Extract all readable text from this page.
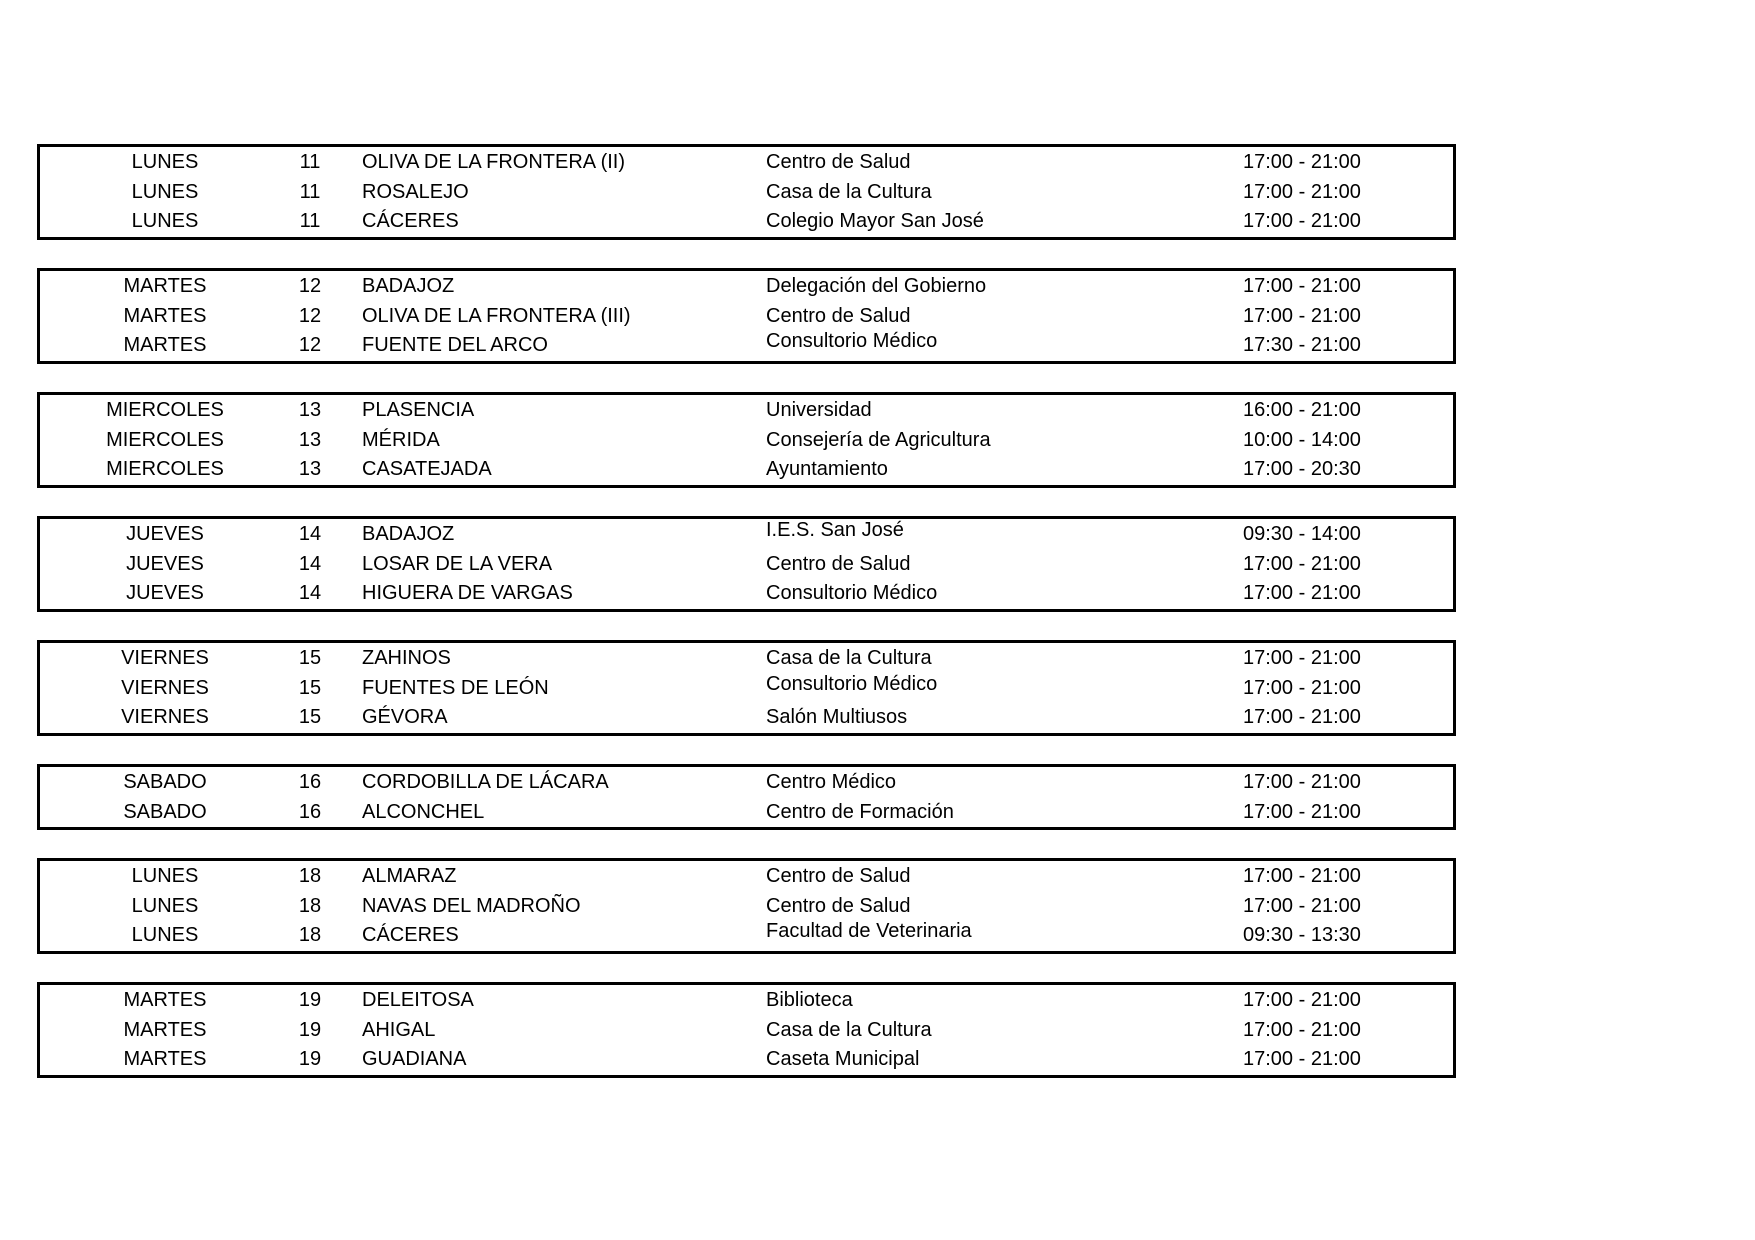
LUNES	11	OLIVA DE LA FRONTERA (II)	Centro de Salud	17:00 - 21:00
LUNES	11	ROSALEJO	Casa de la Cultura	17:00 - 21:00
LUNES	11	CÁCERES	Colegio Mayor San José	17:00 - 21:00
MARTES	12	BADAJOZ	Delegación del Gobierno	17:00 - 21:00
MARTES	12	OLIVA DE LA FRONTERA (III)	Centro de Salud	17:00 - 21:00
MARTES	12	FUENTE DEL ARCO	Consultorio Médico	17:30 - 21:00
MIERCOLES	13	PLASENCIA	Universidad	16:00 - 21:00
MIERCOLES	13	MÉRIDA	Consejería de Agricultura	10:00 - 14:00
MIERCOLES	13	CASATEJADA	Ayuntamiento	17:00 - 20:30
JUEVES	14	BADAJOZ	I.E.S. San José	09:30 - 14:00
JUEVES	14	LOSAR DE LA VERA	Centro de Salud	17:00 - 21:00
JUEVES	14	HIGUERA DE VARGAS	Consultorio Médico	17:00 - 21:00
VIERNES	15	ZAHINOS	Casa de la Cultura	17:00 - 21:00
VIERNES	15	FUENTES DE LEÓN	Consultorio Médico	17:00 - 21:00
VIERNES	15	GÉVORA	Salón Multiusos	17:00 - 21:00
SABADO	16	CORDOBILLA DE LÁCARA	Centro Médico	17:00 - 21:00
SABADO	16	ALCONCHEL	Centro de Formación	17:00 - 21:00
LUNES	18	ALMARAZ	Centro de Salud	17:00 - 21:00
LUNES	18	NAVAS DEL MADROÑO	Centro de Salud	17:00 - 21:00
LUNES	18	CÁCERES	Facultad de Veterinaria	09:30 - 13:30
MARTES	19	DELEITOSA	Biblioteca	17:00 - 21:00
MARTES	19	AHIGAL	Casa de la Cultura	17:00 - 21:00
MARTES	19	GUADIANA	Caseta Municipal	17:00 - 21:00
